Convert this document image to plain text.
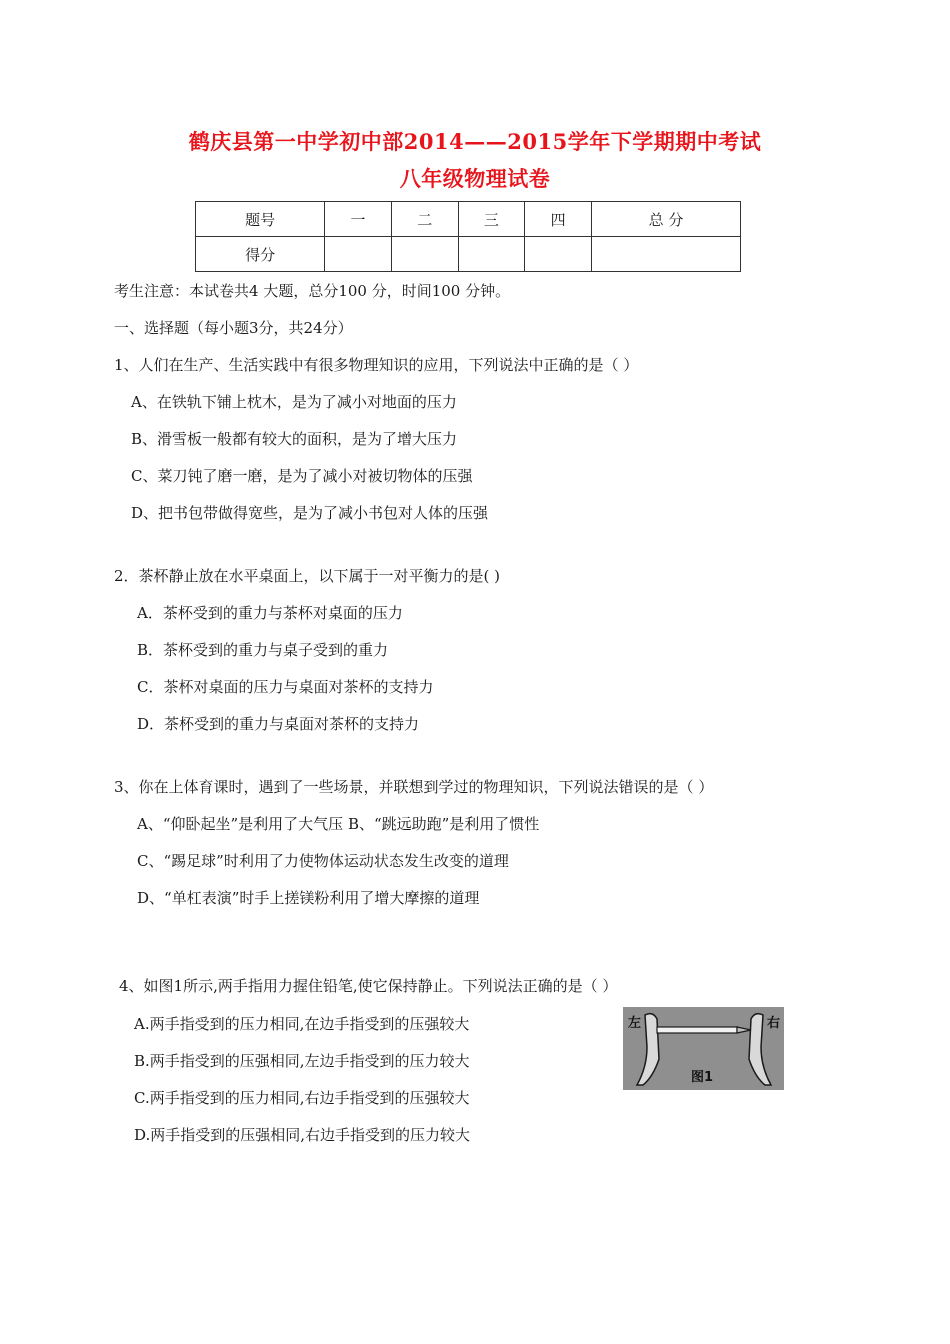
鹤庆县第一中学初中部2014——2015学年下学期期中考试
八年级物理试卷
题号	一	二	三	四	总 分
得分					
考生注意：本试卷共4 大题，总分100 分，时间100 分钟。
一、选择题（每小题3分，共24分）
1、人们在生产、生活实践中有很多物理知识的应用，下列说法中正确的是（ ）
A、在铁轨下铺上枕木，是为了减小对地面的压力
B、滑雪板一般都有较大的面积，是为了增大压力
C、菜刀钝了磨一磨，是为了减小对被切物体的压强
D、把书包带做得宽些，是为了减小书包对人体的压强
2．茶杯静止放在水平桌面上，以下属于一对平衡力的是( )
A．茶杯受到的重力与茶杯对桌面的压力
B．茶杯受到的重力与桌子受到的重力
C．茶杯对桌面的压力与桌面对茶杯的支持力
D．茶杯受到的重力与桌面对茶杯的支持力
3、你在上体育课时，遇到了一些场景，并联想到学过的物理知识，下列说法错误的是（ ）
A、“仰卧起坐”是利用了大气压 B、“跳远助跑”是利用了惯性
C、“踢足球”时利用了力使物体运动状态发生改变的道理
D、“单杠表演”时手上搓镁粉利用了增大摩擦的道理
4、如图1所示,两手指用力握住铅笔,使它保持静止。下列说法正确的是（ ）
A.两手指受到的压力相同,在边手指受到的压强较大
B.两手指受到的压强相同,左边手指受到的压力较大
C.两手指受到的压力相同,右边手指受到的压强较大
D.两手指受到的压强相同,右边手指受到的压力较大
左	右
图1
